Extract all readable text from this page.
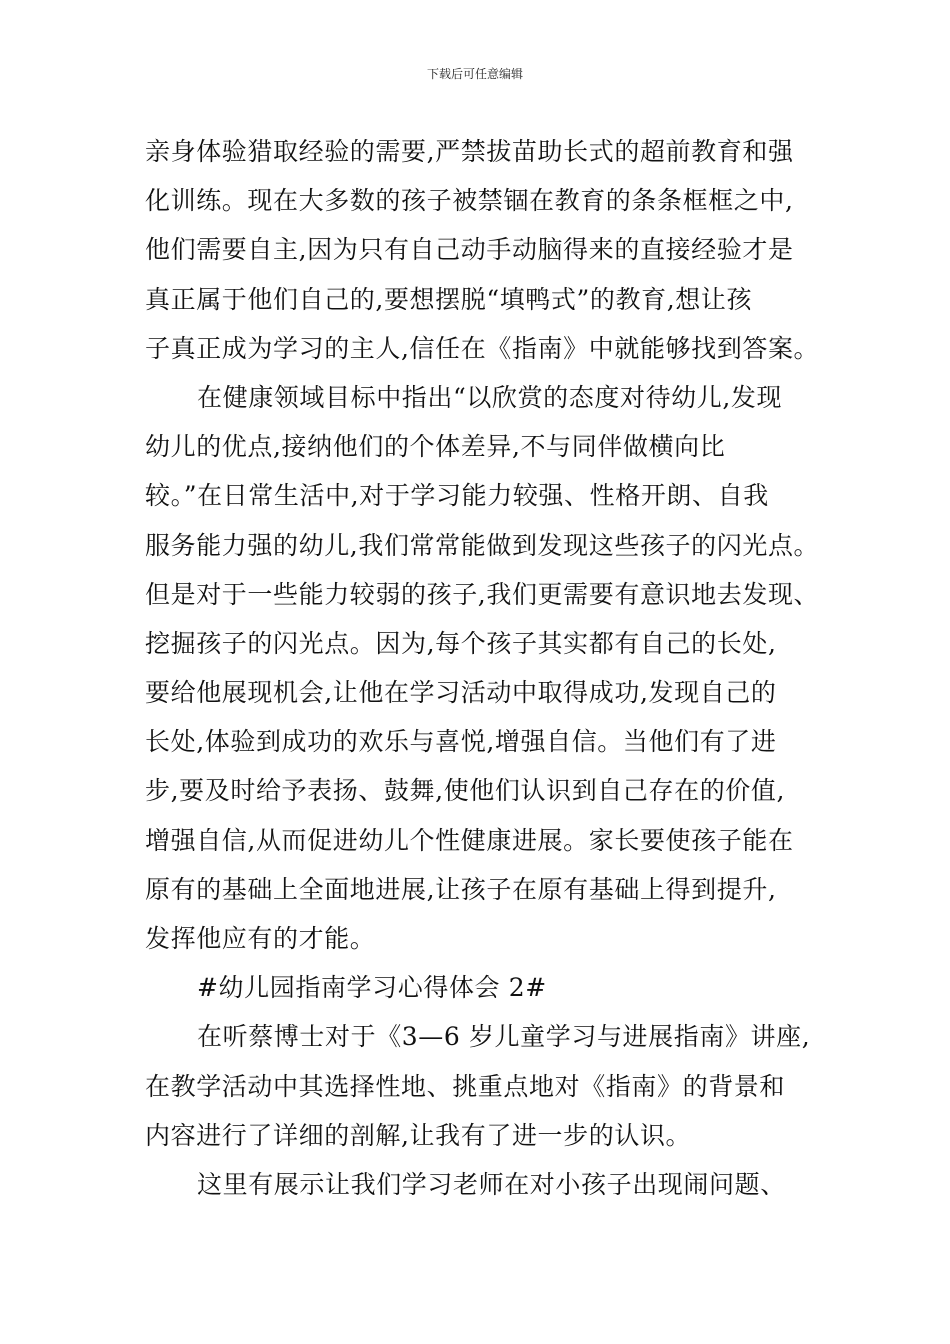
下载后可任意编辑
亲身体验猎取经验的需要,严禁拔苗助长式的超前教育和强
化训练。现在大多数的孩子被禁锢在教育的条条框框之中,
他们需要自主,因为只有自己动手动脑得来的直接经验才是
真正属于他们自己的,要想摆脱“填鸭式”的教育,想让孩
子真正成为学习的主人,信任在《指南》中就能够找到答案。
在健康领域目标中指出“以欣赏的态度对待幼儿,发现
幼儿的优点,接纳他们的个体差异,不与同伴做横向比
较。”在日常生活中,对于学习能力较强、性格开朗、自我
服务能力强的幼儿,我们常常能做到发现这些孩子的闪光点。
但是对于一些能力较弱的孩子,我们更需要有意识地去发现、
挖掘孩子的闪光点。因为,每个孩子其实都有自己的长处,
要给他展现机会,让他在学习活动中取得成功,发现自己的
长处,体验到成功的欢乐与喜悦,增强自信。当他们有了进
步,要及时给予表扬、鼓舞,使他们认识到自己存在的价值,
增强自信,从而促进幼儿个性健康进展。家长要使孩子能在
原有的基础上全面地进展,让孩子在原有基础上得到提升,
发挥他应有的才能。
#幼儿园指南学习心得体会 2#
在听蔡博士对于《3—6 岁儿童学习与进展指南》讲座,
在教学活动中其选择性地、挑重点地对《指南》的背景和
内容进行了详细的剖解,让我有了进一步的认识。
这里有展示让我们学习老师在对小孩子出现闹问题、
